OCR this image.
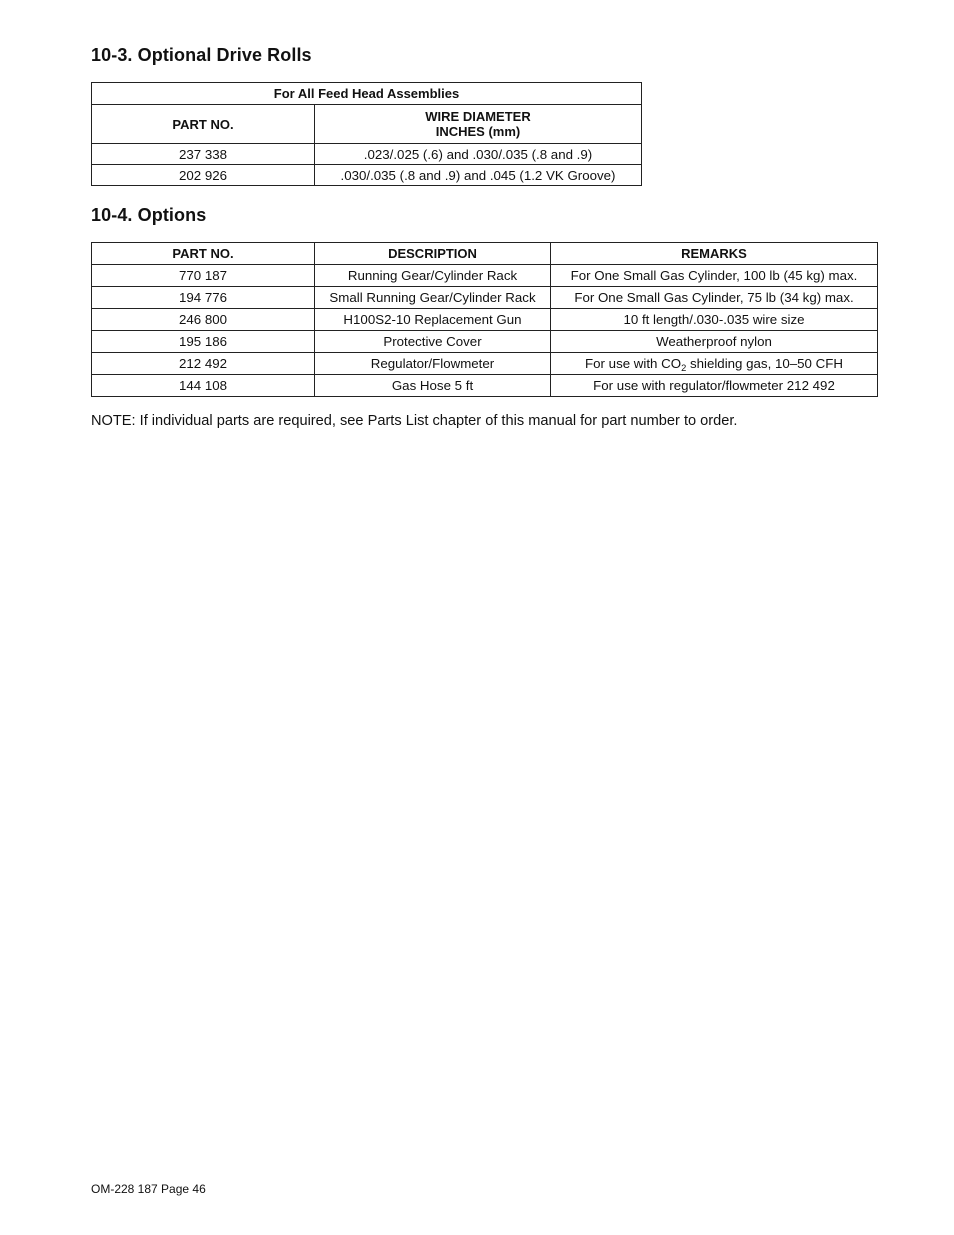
10-3. Optional Drive Rolls
For All Feed Head Assemblies	
PART NO.	WIRE DIAMETER
INCHES (mm)
237 338	.023/.025 (.6) and .030/.035 (.8 and .9)
202 926	.030/.035 (.8 and .9) and .045 (1.2 VK Groove)
10-4. Options
PART NO.	DESCRIPTION	REMARKS
770 187	Running Gear/Cylinder Rack	For One Small Gas Cylinder, 100 lb (45 kg) max.
194 776	Small Running Gear/Cylinder Rack	For One Small Gas Cylinder, 75 lb (34 kg) max.
246 800	H100S2-10 Replacement Gun	10 ft length/.030-.035 wire size
195 186	Protective Cover	Weatherproof nylon
212 492	Regulator/Flowmeter	For use with $CO_2$ shielding gas, 10–50 CFH
144 108	Gas Hose 5 ft	For use with regulator/flowmeter 212 492

NOTE: If individual parts are required, see Parts List chapter of this manual for part number to order.

OM-228 187 Page 46
